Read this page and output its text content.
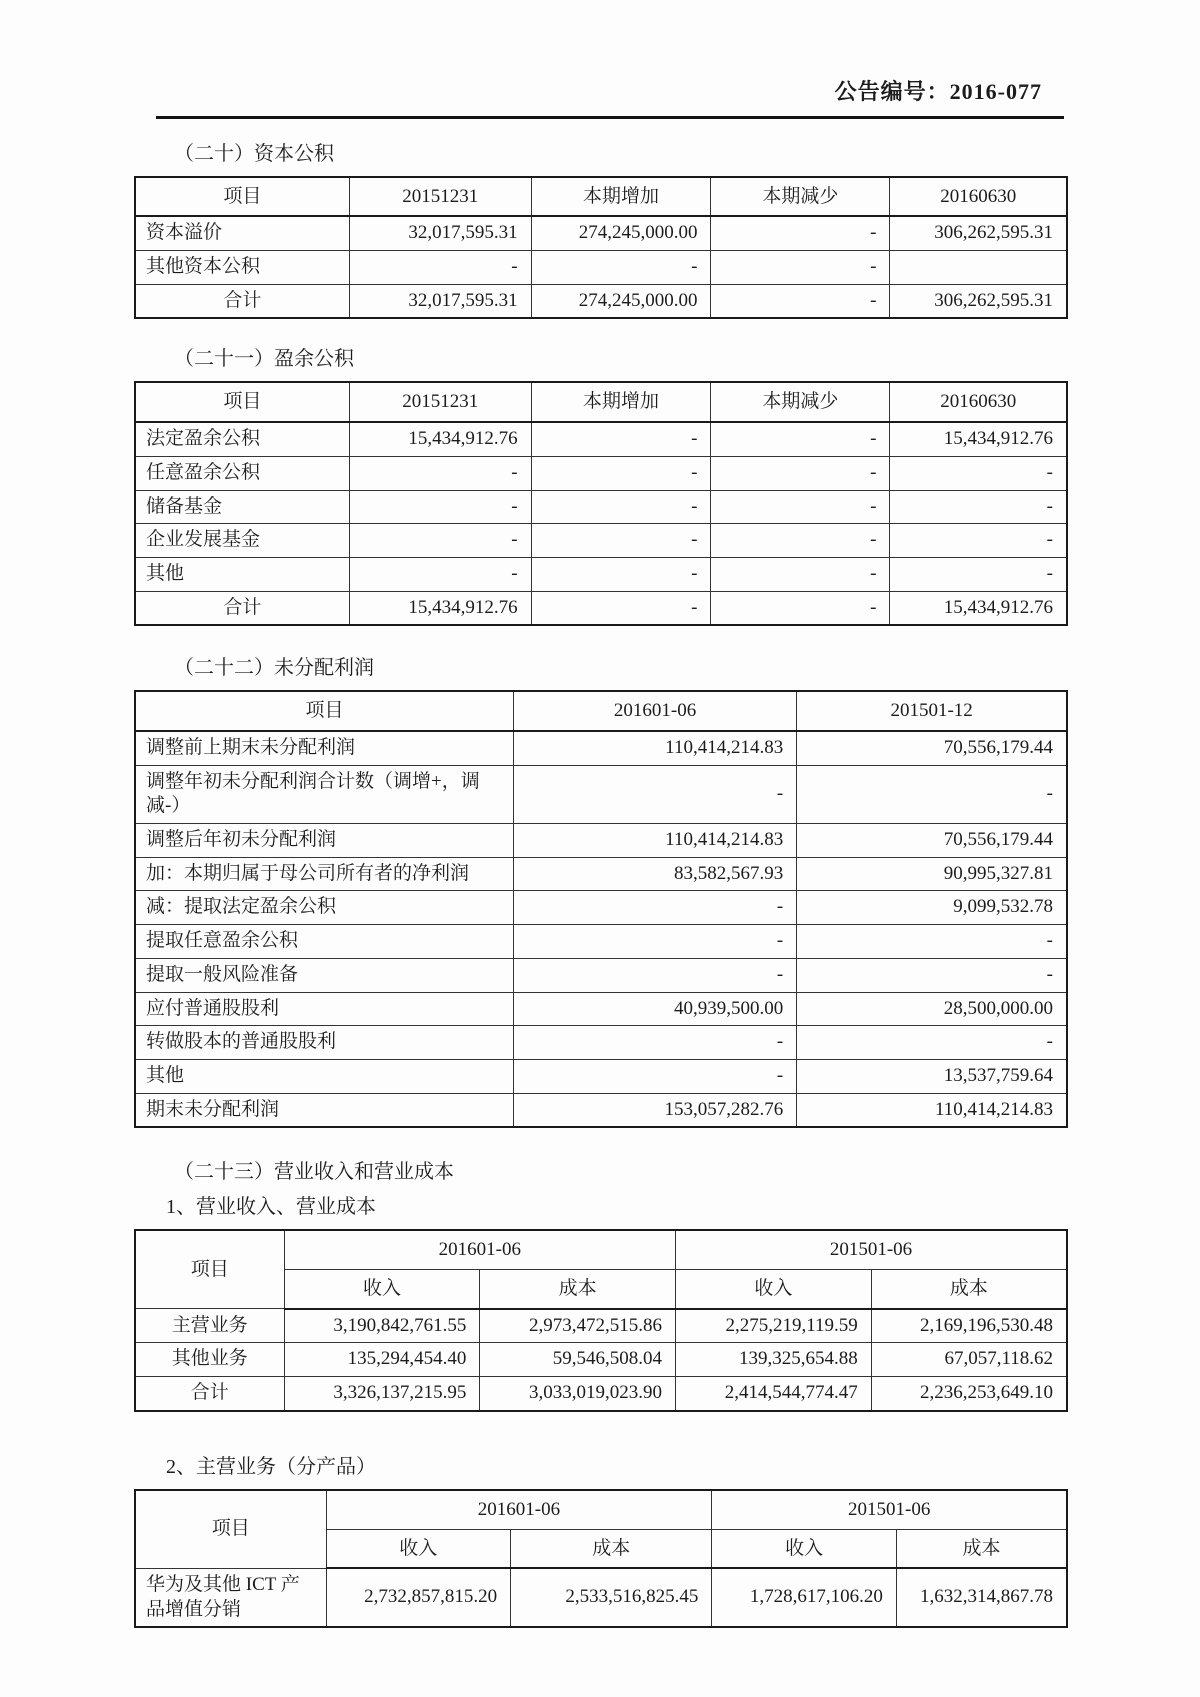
公告编号：2016-077
（二十）资本公积
项目	20151231	本期增加	本期减少	20160630
资本溢价	32,017,595.31	274,245,000.00	-	306,262,595.31
其他资本公积	-	-	-	
合计	32,017,595.31	274,245,000.00	-	306,262,595.31
（二十一）盈余公积
项目	20151231	本期增加	本期减少	20160630
法定盈余公积	15,434,912.76	-	-	15,434,912.76
任意盈余公积	-	-	-	-
储备基金	-	-	-	-
企业发展基金	-	-	-	-
其他	-	-	-	-
合计	15,434,912.76	-	-	15,434,912.76
（二十二）未分配利润
项目	201601-06	201501-12
调整前上期末未分配利润	110,414,214.83	70,556,179.44
调整年初未分配利润合计数（调增+，调减-）	-	-
调整后年初未分配利润	110,414,214.83	70,556,179.44
加：本期归属于母公司所有者的净利润	83,582,567.93	90,995,327.81
减：提取法定盈余公积	-	9,099,532.78
提取任意盈余公积	-	-
提取一般风险准备	-	-
应付普通股股利	40,939,500.00	28,500,000.00
转做股本的普通股股利	-	-
其他	-	13,537,759.64
期末未分配利润	153,057,282.76	110,414,214.83
（二十三）营业收入和营业成本
1、营业收入、营业成本
项目	201601-06		201501-06	
	收入	成本	收入	成本
主营业务	3,190,842,761.55	2,973,472,515.86	2,275,219,119.59	2,169,196,530.48
其他业务	135,294,454.40	59,546,508.04	139,325,654.88	67,057,118.62
合计	3,326,137,215.95	3,033,019,023.90	2,414,544,774.47	2,236,253,649.10
2、主营业务（分产品）
项目	201601-06		201501-06	
	收入	成本	收入	成本
华为及其他 ICT 产品增值分销	2,732,857,815.20	2,533,516,825.45	1,728,617,106.20	1,632,314,867.78
